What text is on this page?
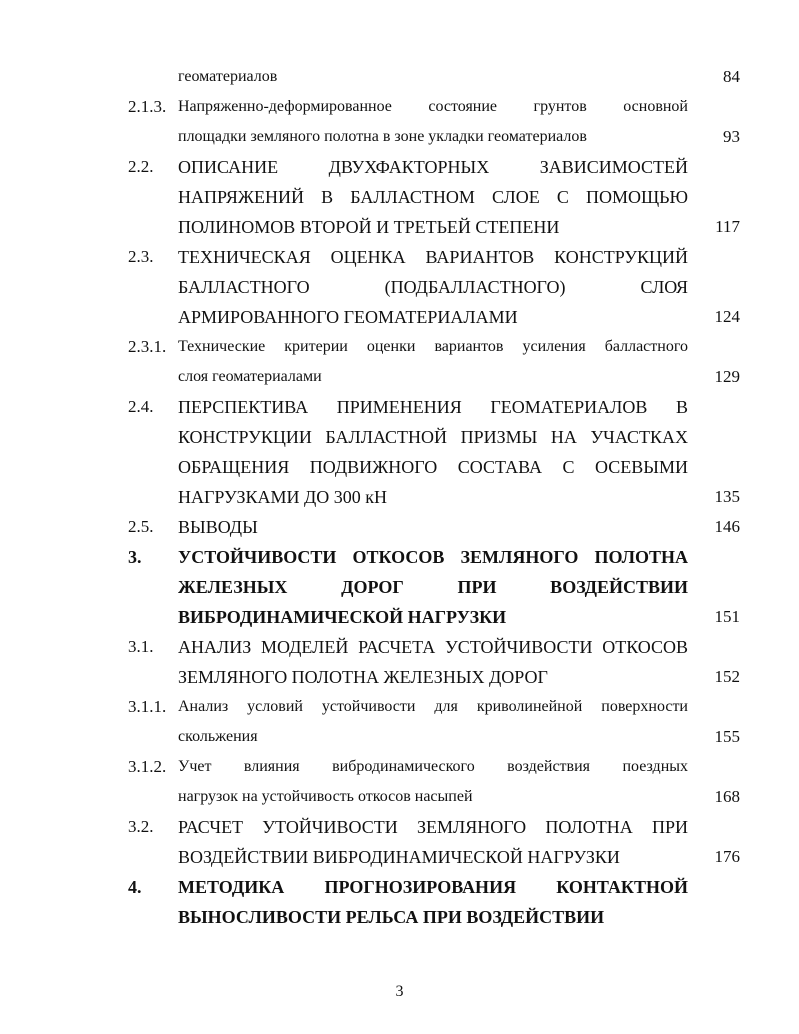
геоматериалов	84
2.1.3. Напряженно-деформированное состояние грунтов основной
площадки земляного полотна в зоне укладки геоматериалов	93
2.2. ОПИСАНИЕ ДВУХФАКТОРНЫХ ЗАВИСИМОСТЕЙ
НАПРЯЖЕНИЙ В БАЛЛАСТНОМ СЛОЕ С ПОМОЩЬЮ
ПОЛИНОМОВ ВТОРОЙ И ТРЕТЬЕЙ СТЕПЕНИ	117
2.3. ТЕХНИЧЕСКАЯ ОЦЕНКА ВАРИАНТОВ КОНСТРУКЦИЙ
БАЛЛАСТНОГО (ПОДБАЛЛАСТНОГО) СЛОЯ
АРМИРОВАННОГО ГЕОМАТЕРИАЛАМИ	124
2.3.1. Технические критерии оценки вариантов усиления балластного
слоя геоматериалами	129
2.4. ПЕРСПЕКТИВА ПРИМЕНЕНИЯ ГЕОМАТЕРИАЛОВ В
КОНСТРУКЦИИ БАЛЛАСТНОЙ ПРИЗМЫ НА УЧАСТКАХ
ОБРАЩЕНИЯ ПОДВИЖНОГО СОСТАВА С ОСЕВЫМИ
НАГРУЗКАМИ ДО 300 кН	135
2.5. ВЫВОДЫ	146
3. УСТОЙЧИВОСТИ ОТКОСОВ ЗЕМЛЯНОГО ПОЛОТНА
ЖЕЛЕЗНЫХ ДОРОГ ПРИ ВОЗДЕЙСТВИИ
ВИБРОДИНАМИЧЕСКОЙ НАГРУЗКИ	151
3.1. АНАЛИЗ МОДЕЛЕЙ РАСЧЕТА УСТОЙЧИВОСТИ ОТКОСОВ
ЗЕМЛЯНОГО ПОЛОТНА ЖЕЛЕЗНЫХ ДОРОГ	152
3.1.1. Анализ условий устойчивости для криволинейной поверхности
скольжения	155
3.1.2. Учет влияния вибродинамического воздействия поездных
нагрузок на устойчивость откосов насыпей	168
3.2. РАСЧЕТ УТОЙЧИВОСТИ ЗЕМЛЯНОГО ПОЛОТНА ПРИ
ВОЗДЕЙСТВИИ ВИБРОДИНАМИЧЕСКОЙ НАГРУЗКИ	176
4. МЕТОДИКА ПРОГНОЗИРОВАНИЯ КОНТАКТНОЙ
ВЫНОСЛИВОСТИ РЕЛЬСА ПРИ ВОЗДЕЙСТВИИ
3
